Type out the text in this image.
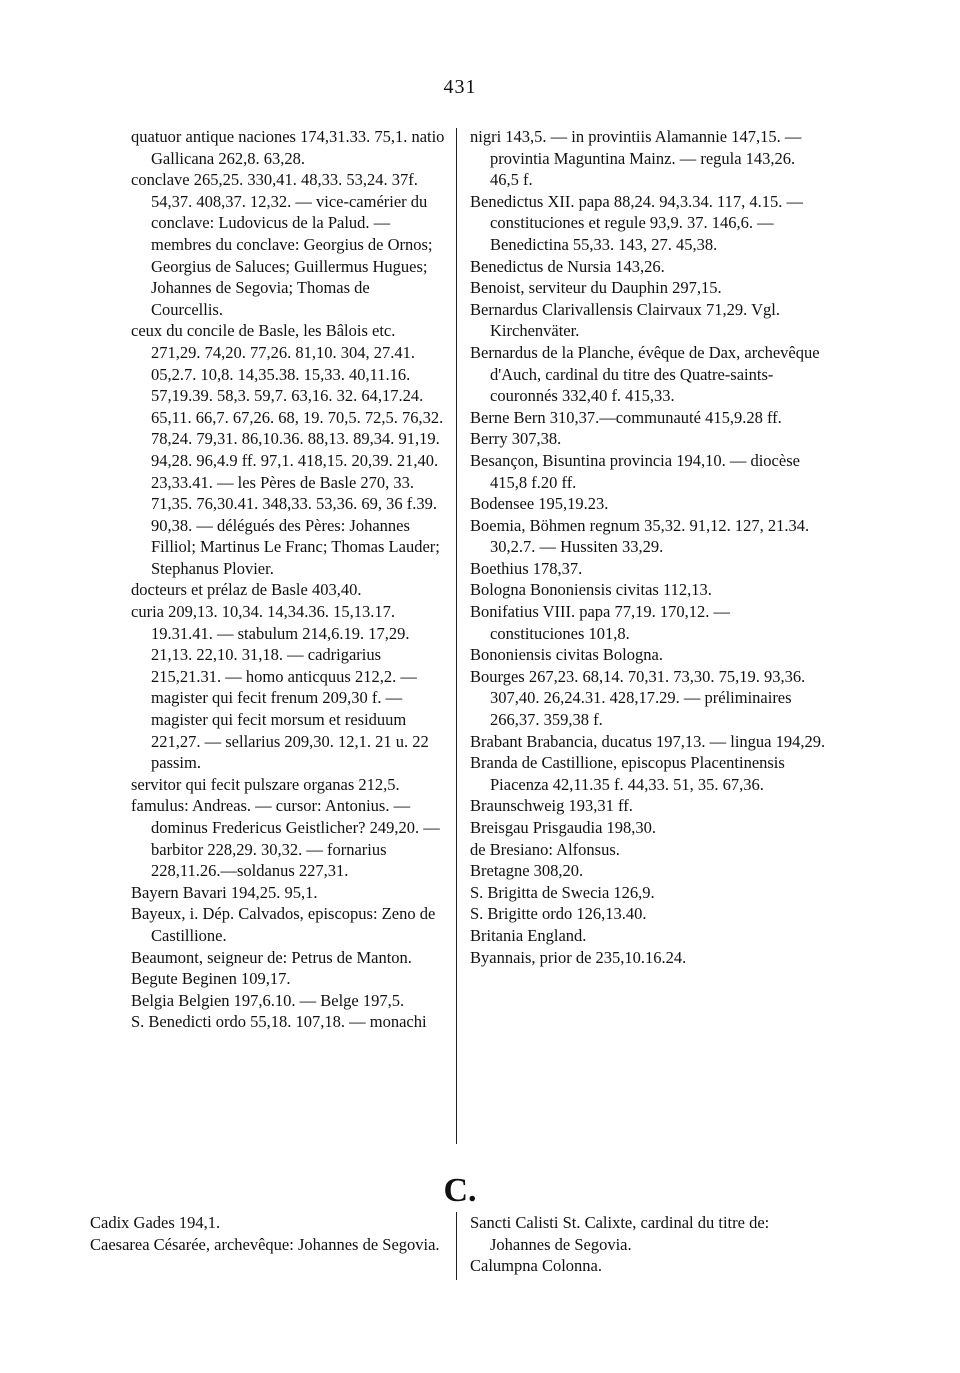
431

quatuor antique naciones 174,31.33. 75,1. natio Gallicana 262,8. 63,28.

conclave 265,25. 330,41. 48,33. 53,24. 37f. 54,37. 408,37. 12,32. — vice-camérier du conclave: Ludovicus de la Palud. — membres du conclave: Georgius de Ornos; Georgius de Saluces; Guillermus Hugues; Johannes de Segovia; Thomas de Courcellis.

ceux du concile de Basle, les Bâlois etc. 271,29. 74,20. 77,26. 81,10. 304, 27.41. 05,2.7. 10,8. 14,35.38. 15,33. 40,11.16. 57,19.39. 58,3. 59,7. 63,16. 32. 64,17.24. 65,11. 66,7. 67,26. 68, 19. 70,5. 72,5. 76,32. 78,24. 79,31. 86,10.36. 88,13. 89,34. 91,19. 94,28. 96,4.9 ff. 97,1. 418,15. 20,39. 21,40. 23,33.41. — les Pères de Basle 270, 33. 71,35. 76,30.41. 348,33. 53,36. 69, 36 f.39. 90,38. — délégués des Pères: Johannes Filliol; Martinus Le Franc; Thomas Lauder; Stephanus Plovier.

docteurs et prélaz de Basle 403,40.

curia 209,13. 10,34. 14,34.36. 15,13.17. 19.31.41. — stabulum 214,6.19. 17,29. 21,13. 22,10. 31,18. — cadrigarius 215,21.31. — homo anticquus 212,2. — magister qui fecit frenum 209,30 f. — magister qui fecit morsum et residuum 221,27. — sellarius 209,30. 12,1. 21 u. 22 passim.

servitor qui fecit pulszare organas 212,5.

famulus: Andreas. — cursor: Antonius. — dominus Fredericus Geistlicher? 249,20. — barbitor 228,29. 30,32. — fornarius 228,11.26.—soldanus 227,31.

Bayern Bavari 194,25. 95,1.

Bayeux, i. Dép. Calvados, episcopus: Zeno de Castillione.

Beaumont, seigneur de: Petrus de Manton.

Begute Beginen 109,17.

Belgia Belgien 197,6.10. — Belge 197,5.

S. Benedicti ordo 55,18. 107,18. — monachi

nigri 143,5. — in provintiis Alamannie 147,15. — provintia Maguntina Mainz. — regula 143,26. 46,5 f.

Benedictus XII. papa 88,24. 94,3.34. 117, 4.15. — constituciones et regule 93,9. 37. 146,6. — Benedictina 55,33. 143, 27. 45,38.

Benedictus de Nursia 143,26.

Benoist, serviteur du Dauphin 297,15.

Bernardus Clarivallensis Clairvaux 71,29. Vgl. Kirchenväter.

Bernardus de la Planche, évêque de Dax, archevêque d'Auch, cardinal du titre des Quatre-saints-couronnés 332,40 f. 415,33.

Berne Bern 310,37.—communauté 415,9.28 ff.

Berry 307,38.

Besançon, Bisuntina provincia 194,10. — diocèse 415,8 f.20 ff.

Bodensee 195,19.23.

Boemia, Böhmen regnum 35,32. 91,12. 127, 21.34. 30,2.7. — Hussiten 33,29.

Boethius 178,37.

Bologna Bononiensis civitas 112,13.

Bonifatius VIII. papa 77,19. 170,12. — constituciones 101,8.

Bononiensis civitas Bologna.

Bourges 267,23. 68,14. 70,31. 73,30. 75,19. 93,36. 307,40. 26,24.31. 428,17.29. — préliminaires 266,37. 359,38 f.

Brabant Brabancia, ducatus 197,13. — lingua 194,29.

Branda de Castillione, episcopus Placentinensis Piacenza 42,11.35 f. 44,33. 51, 35. 67,36.

Braunschweig 193,31 ff.

Breisgau Prisgaudia 198,30.

de Bresiano: Alfonsus.

Bretagne 308,20.

S. Brigitta de Swecia 126,9.

S. Brigitte ordo 126,13.40.

Britania England.

Byannais, prior de 235,10.16.24.

C.

Cadix Gades 194,1.

Caesarea Césarée, archevêque: Johannes de Segovia.

Sancti Calisti St. Calixte, cardinal du titre de: Johannes de Segovia.

Calumpna Colonna.
